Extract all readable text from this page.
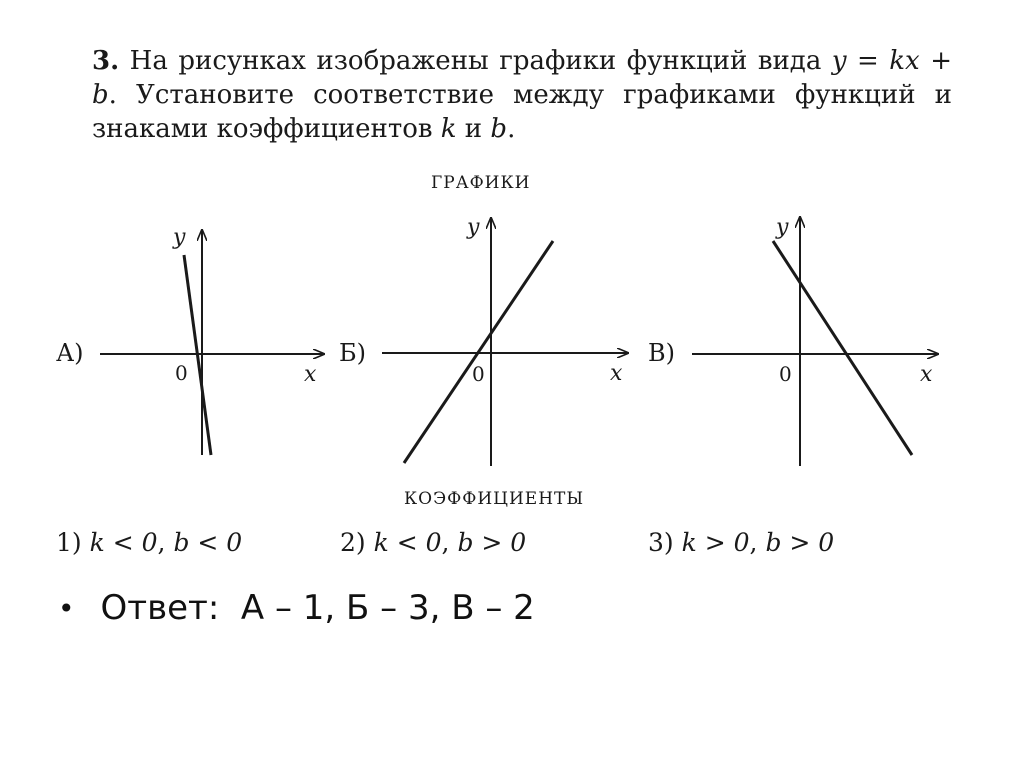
3. На рисунках изображены графики функций вида y = kx + b. Установите соответствие между графиками функций и знаками коэффициентов k и b.
ГРАФИКИ
А)
0	x
y
Б)
0	x
y
В)
0	x
y
КОЭФФИЦИЕНТЫ
1) k < 0, b < 0	2) k < 0, b > 0	3) k > 0, b > 0
• Ответ:  А – 1, Б – 3, В – 2
